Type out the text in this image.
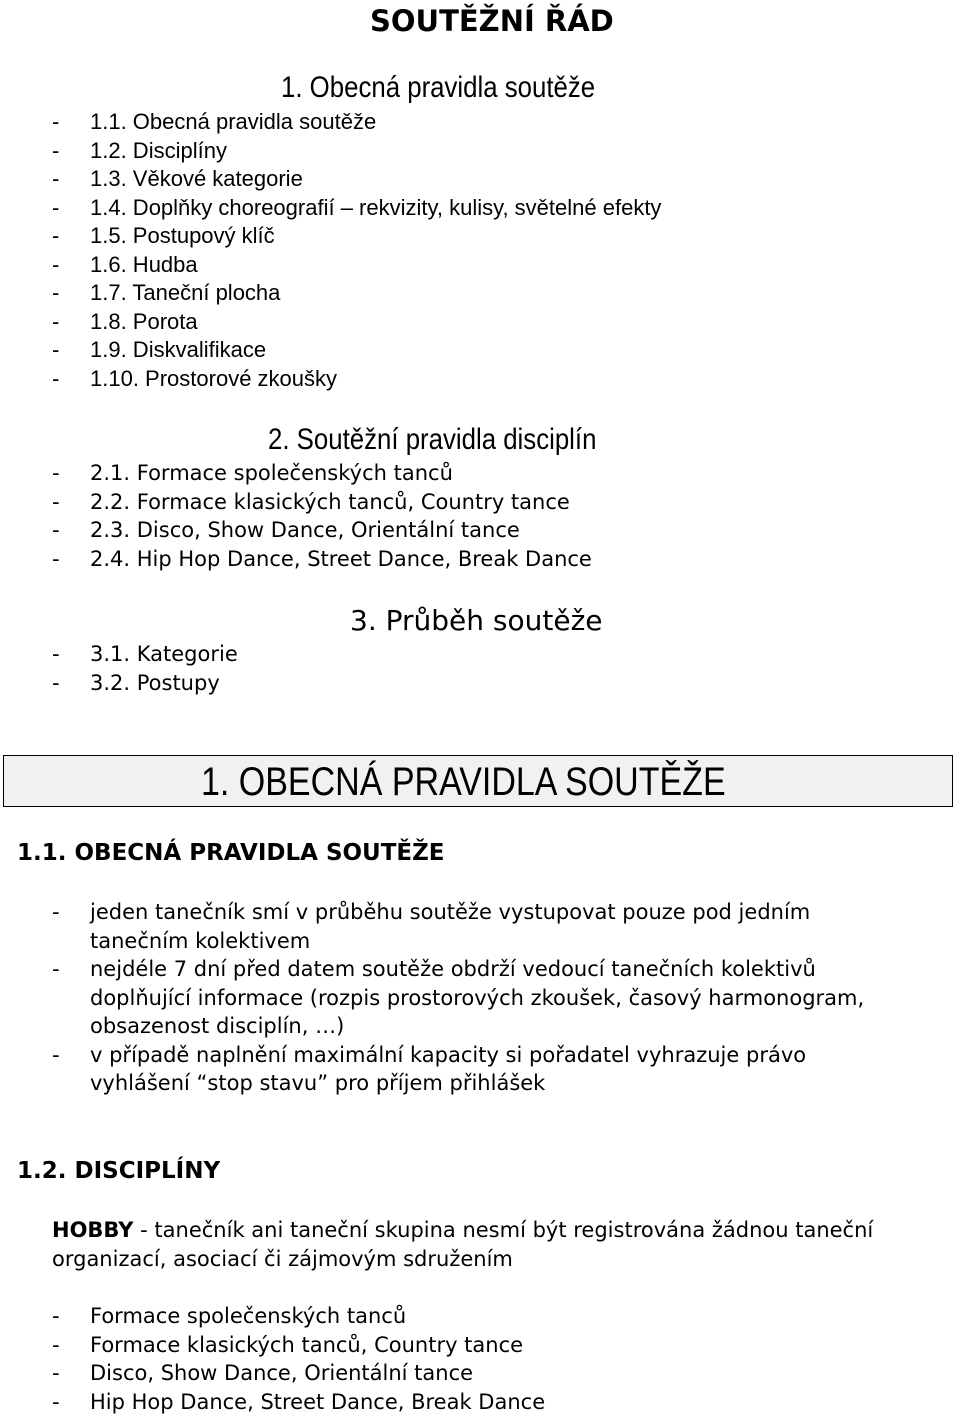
SOUTĚŽNÍ ŘÁD
1. Obecná pravidla soutěže
- 1.1. Obecná pravidla soutěže
- 1.2. Disciplíny
- 1.3. Věkové kategorie
- 1.4. Doplňky choreografií – rekvizity, kulisy, světelné efekty
- 1.5. Postupový klíč
- 1.6. Hudba
- 1.7. Taneční plocha
- 1.8. Porota
- 1.9. Diskvalifikace
- 1.10. Prostorové zkoušky
2. Soutěžní pravidla disciplín
- 2.1. Formace společenských tanců
- 2.2. Formace klasických tanců, Country tance
- 2.3. Disco, Show Dance, Orientální tance
- 2.4. Hip Hop Dance, Street Dance, Break Dance
3. Průběh soutěže
- 3.1. Kategorie
- 3.2. Postupy
1. OBECNÁ PRAVIDLA SOUTĚŽE
1.1. OBECNÁ PRAVIDLA SOUTĚŽE
- jeden tanečník smí v průběhu soutěže vystupovat pouze pod jedním
tanečním kolektivem
- nejdéle 7 dní před datem soutěže obdrží vedoucí tanečních kolektivů
doplňující informace (rozpis prostorových zkoušek, časový harmonogram,
obsazenost disciplín, …)
- v případě naplnění maximální kapacity si pořadatel vyhrazuje právo
vyhlášení “stop stavu” pro příjem přihlášek
1.2. DISCIPLÍNY
HOBBY - tanečník ani taneční skupina nesmí být registrována žádnou taneční
organizací, asociací či zájmovým sdružením
- Formace společenských tanců
- Formace klasických tanců, Country tance
- Disco, Show Dance, Orientální tance
- Hip Hop Dance, Street Dance, Break Dance
